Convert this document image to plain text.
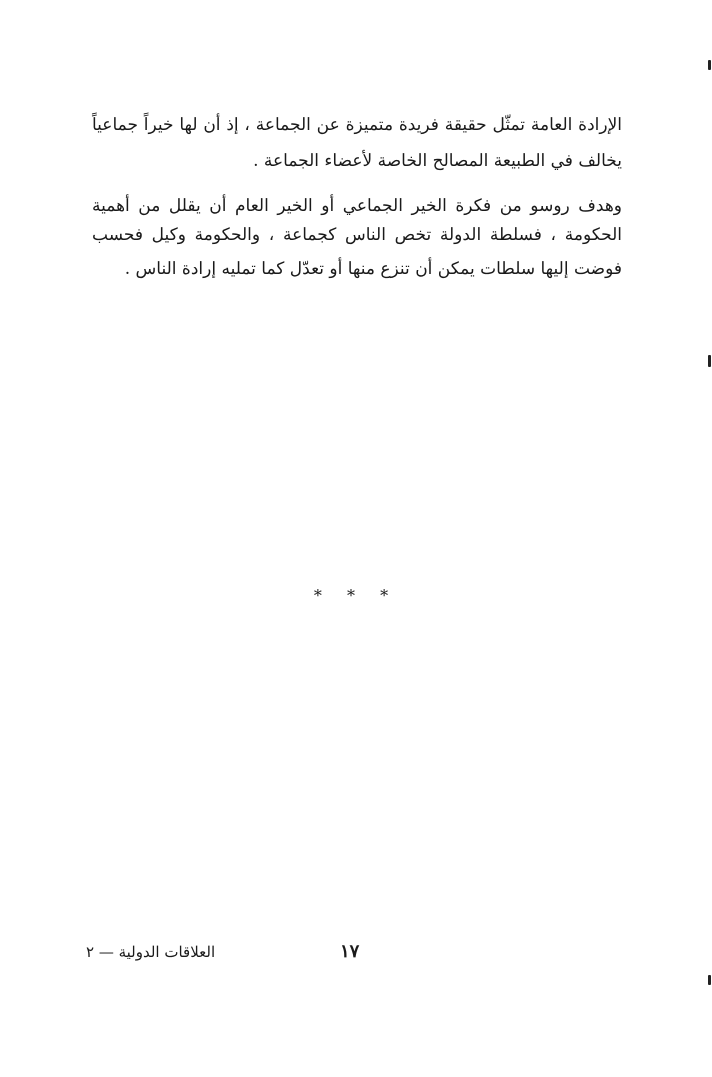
الإرادة العامة تمثّل حقيقة فريدة متميزة عن الجماعة ، إذ أن لها خيراً جماعياً
يخالف في الطبيعة المصالح الخاصة لأعضاء الجماعة .
وهدف روسو من فكرة الخير الجماعي أو الخير العام أن يقلل من أهمية
الحكومة ، فسلطة الدولة تخص الناس كجماعة ، والحكومة وكيل فحسب
فوضت إليها سلطات يمكن أن تنزع منها أو تعدّل كما تمليه إرادة الناس .
* * *
١٧
العلاقات الدولية — ٢
